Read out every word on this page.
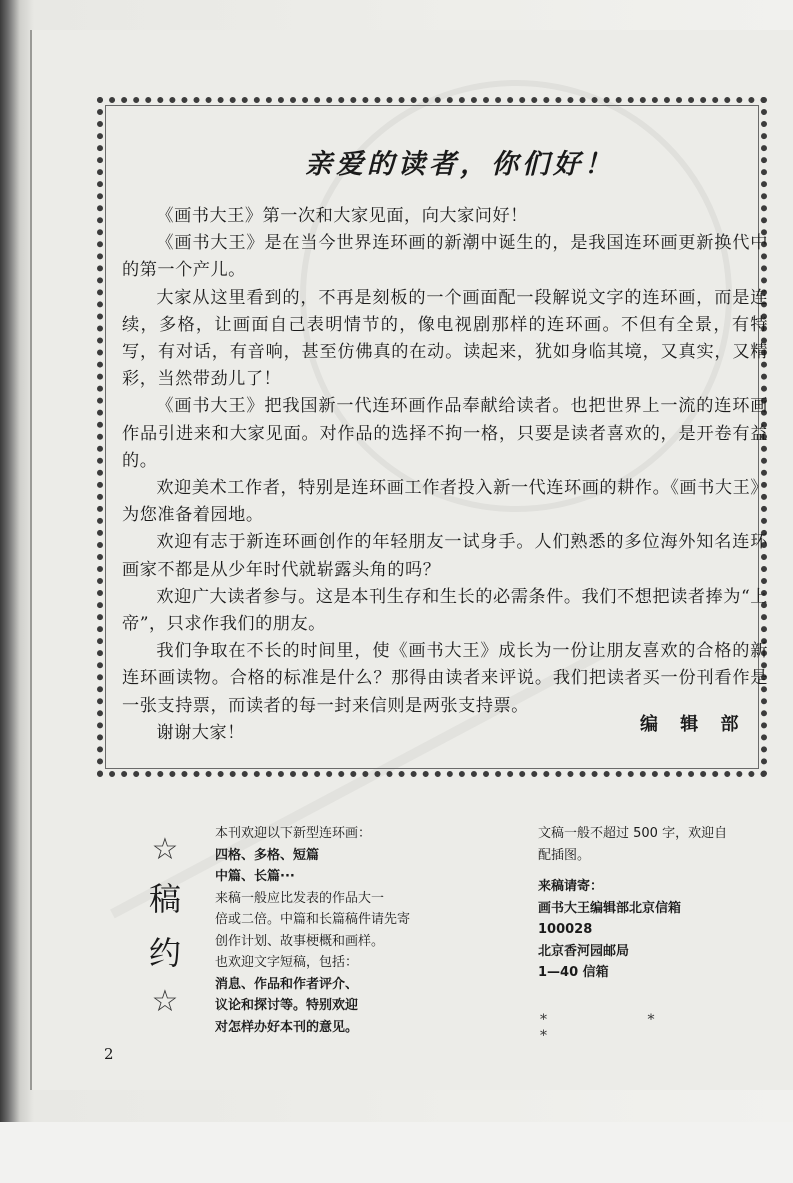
亲爱的读者，你们好！

《画书大王》第一次和大家见面，向大家问好！

《画书大王》是在当今世界连环画的新潮中诞生的，是我国连环画更新换代中的第一个产儿。

大家从这里看到的，不再是刻板的一个画面配一段解说文字的连环画，而是连续，多格，让画面自己表明情节的，像电视剧那样的连环画。不但有全景，有特写，有对话，有音响，甚至仿佛真的在动。读起来，犹如身临其境，又真实，又精彩，当然带劲儿了！

《画书大王》把我国新一代连环画作品奉献给读者。也把世界上一流的连环画作品引进来和大家见面。对作品的选择不拘一格，只要是读者喜欢的，是开卷有益的。

欢迎美术工作者，特别是连环画工作者投入新一代连环画的耕作。《画书大王》为您准备着园地。

欢迎有志于新连环画创作的年轻朋友一试身手。人们熟悉的多位海外知名连环画家不都是从少年时代就崭露头角的吗？

欢迎广大读者参与。这是本刊生存和生长的必需条件。我们不想把读者捧为“上帝”，只求作我们的朋友。

我们争取在不长的时间里，使《画书大王》成长为一份让朋友喜欢的合格的新连环画读物。合格的标准是什么？那得由读者来评说。我们把读者买一份刊看作是一张支持票，而读者的每一封来信则是两张支持票。

谢谢大家！	编 辑 部
☆
稿
约
☆
本刊欢迎以下新型连环画：
四格、多格、短篇
中篇、长篇···
来稿一般应比发表的作品大一
倍或二倍。中篇和长篇稿件请先寄
创作计划、故事梗概和画样。
也欢迎文字短稿，包括：
消息、作品和作者评介、
议论和探讨等。特别欢迎
对怎样办好本刊的意见。
文稿一般不超过 500 字，欢迎自
配插图。
来稿请寄：
画书大王编辑部北京信箱
100028
北京香河园邮局
1—40 信箱
* * *
2
